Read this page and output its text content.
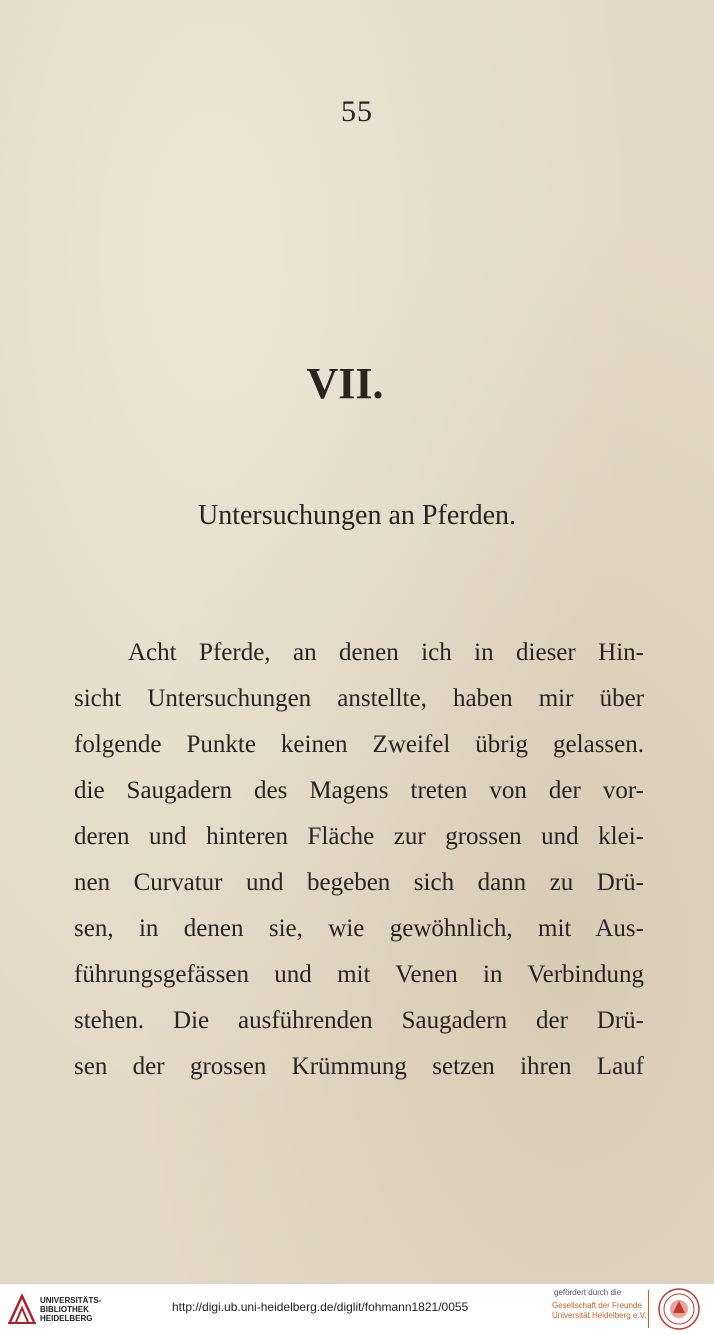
55
VII.
Untersuchungen an Pferden.
Acht Pferde, an denen ich in dieser Hin-
sicht Untersuchungen anstellte, haben mir über
folgende Punkte keinen Zweifel übrig gelassen.
die Saugadern des Magens treten von der vor-
deren und hinteren Fläche zur grossen und klei-
nen Curvatur und begeben sich dann zu Drü-
sen, in denen sie, wie gewöhnlich, mit Aus-
führungsgefässen und mit Venen in Verbindung
stehen. Die ausführenden Saugadern der Drü-
sen der grossen Krümmung setzen ihren Lauf
UNIVERSITÄTS-
BIBLIOTHEK
HEIDELBERG
http://digi.ub.uni-heidelberg.de/diglit/fohmann1821/0055
gefördert durch die
Gesellschaft der Freunde
Universität Heidelberg e.V.
